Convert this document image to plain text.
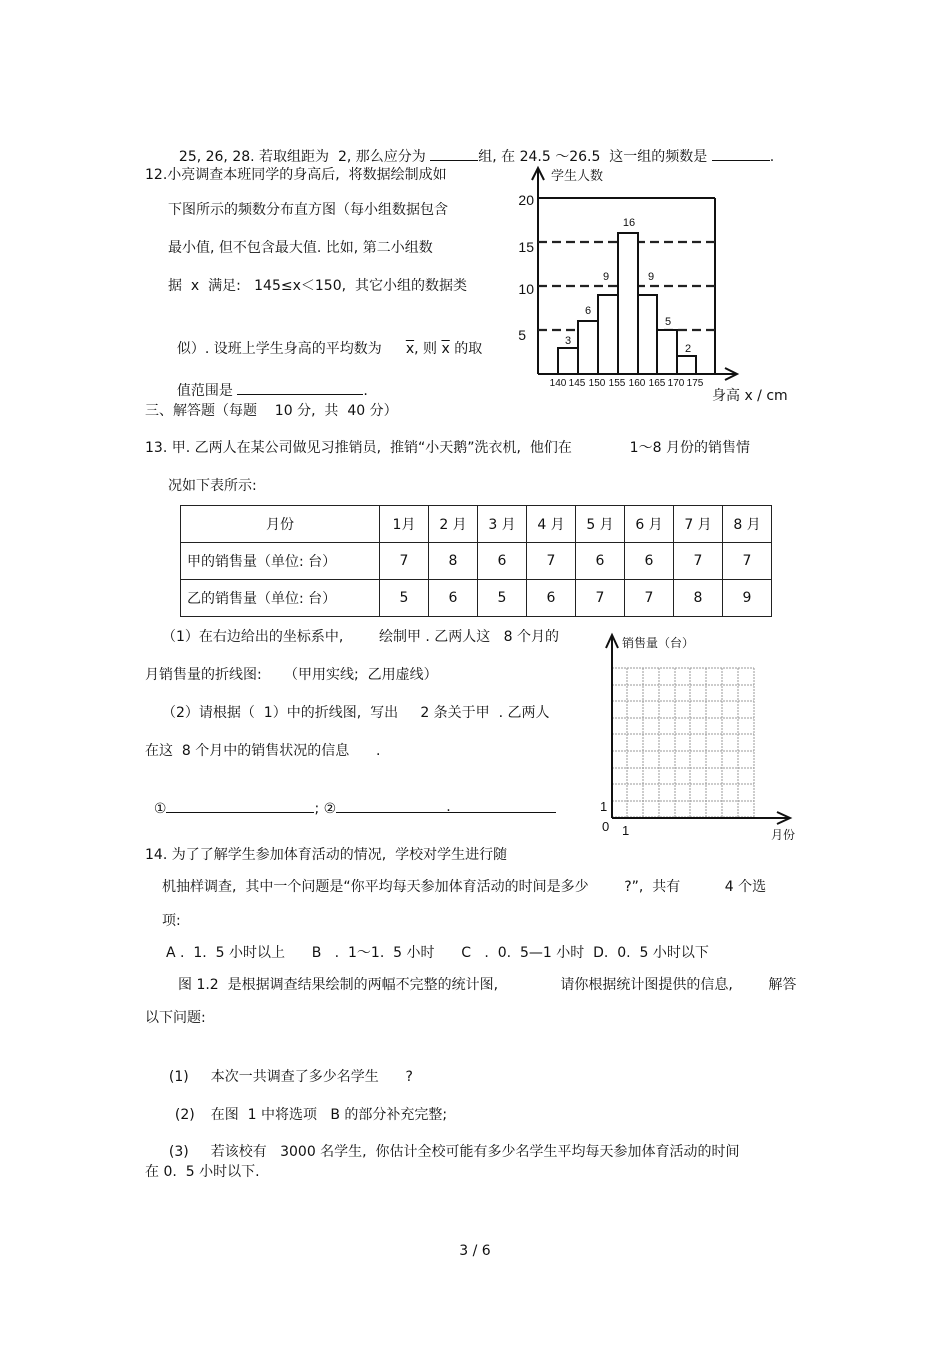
25, 26, 28. 若取组距为  2, 那么应分为	组, 在 24.5 ～26.5  这一组的频数是	.

12.小亮调查本班同学的身高后,  将数据绘制成如
下图所示的频数分布直方图（每小组数据包含
最小值, 但不包含最大值. 比如, 第二小组数
据  x  满足:   145≤x＜150,  其它小组的数据类

似）. 设班上学生身高的平均数为 $\overline{x}$, 则 $\overline{x}$ 的取

值范围是	.

3
6
9
16
9
5
2
20
15
10
5
140 145 150 155 160 165 170 175
学生人数
身高 x / cm
三、解答题（每题    10 分,  共  40 分）
13. 甲. 乙两人在某公司做见习推销员,  推销“小天鹅”洗衣机,  他们在             1～8 月份的销售情
况如下表所示:
月份	1月	2 月	3 月	4 月	5 月	6 月	7 月	8 月
甲的销售量（单位: 台）	7	8	6	7	6	6	7	7
乙的销售量（单位: 台）	5	6	5	6	7	7	8	9
（1）在右边给出的坐标系中,        绘制甲 . 乙两人这   8 个月的
月销售量的折线图:     （甲用实线;  乙用虚线）
（2）请根据（  1）中的折线图,  写出     2 条关于甲  . 乙两人
在这  8 个月中的销售状况的信息      .

①	; ②	.	1
0 1
销售量（台）
月份
14. 为了了解学生参加体育活动的情况,  学校对学生进行随
机抽样调查,  其中一个问题是“你平均每天参加体育活动的时间是多少        ?”,  共有          4 个选
项:
A .  1.  5 小时以上      B   .  1～1.  5 小时      C   .  0.  5—1 小时  D.  0.  5 小时以下
图 1.2  是根据调查结果绘制的两幅不完整的统计图,              请你根据统计图提供的信息,        解答
以下问题:

(1) 本次一共调查了多少名学生      ?

(2) 在图  1 中将选项   B 的部分补充完整;

(3) 若该校有   3000 名学生,  你估计全校可能有多少名学生平均每天参加体育活动的时间

在 0.  5 小时以下.
3 / 6
